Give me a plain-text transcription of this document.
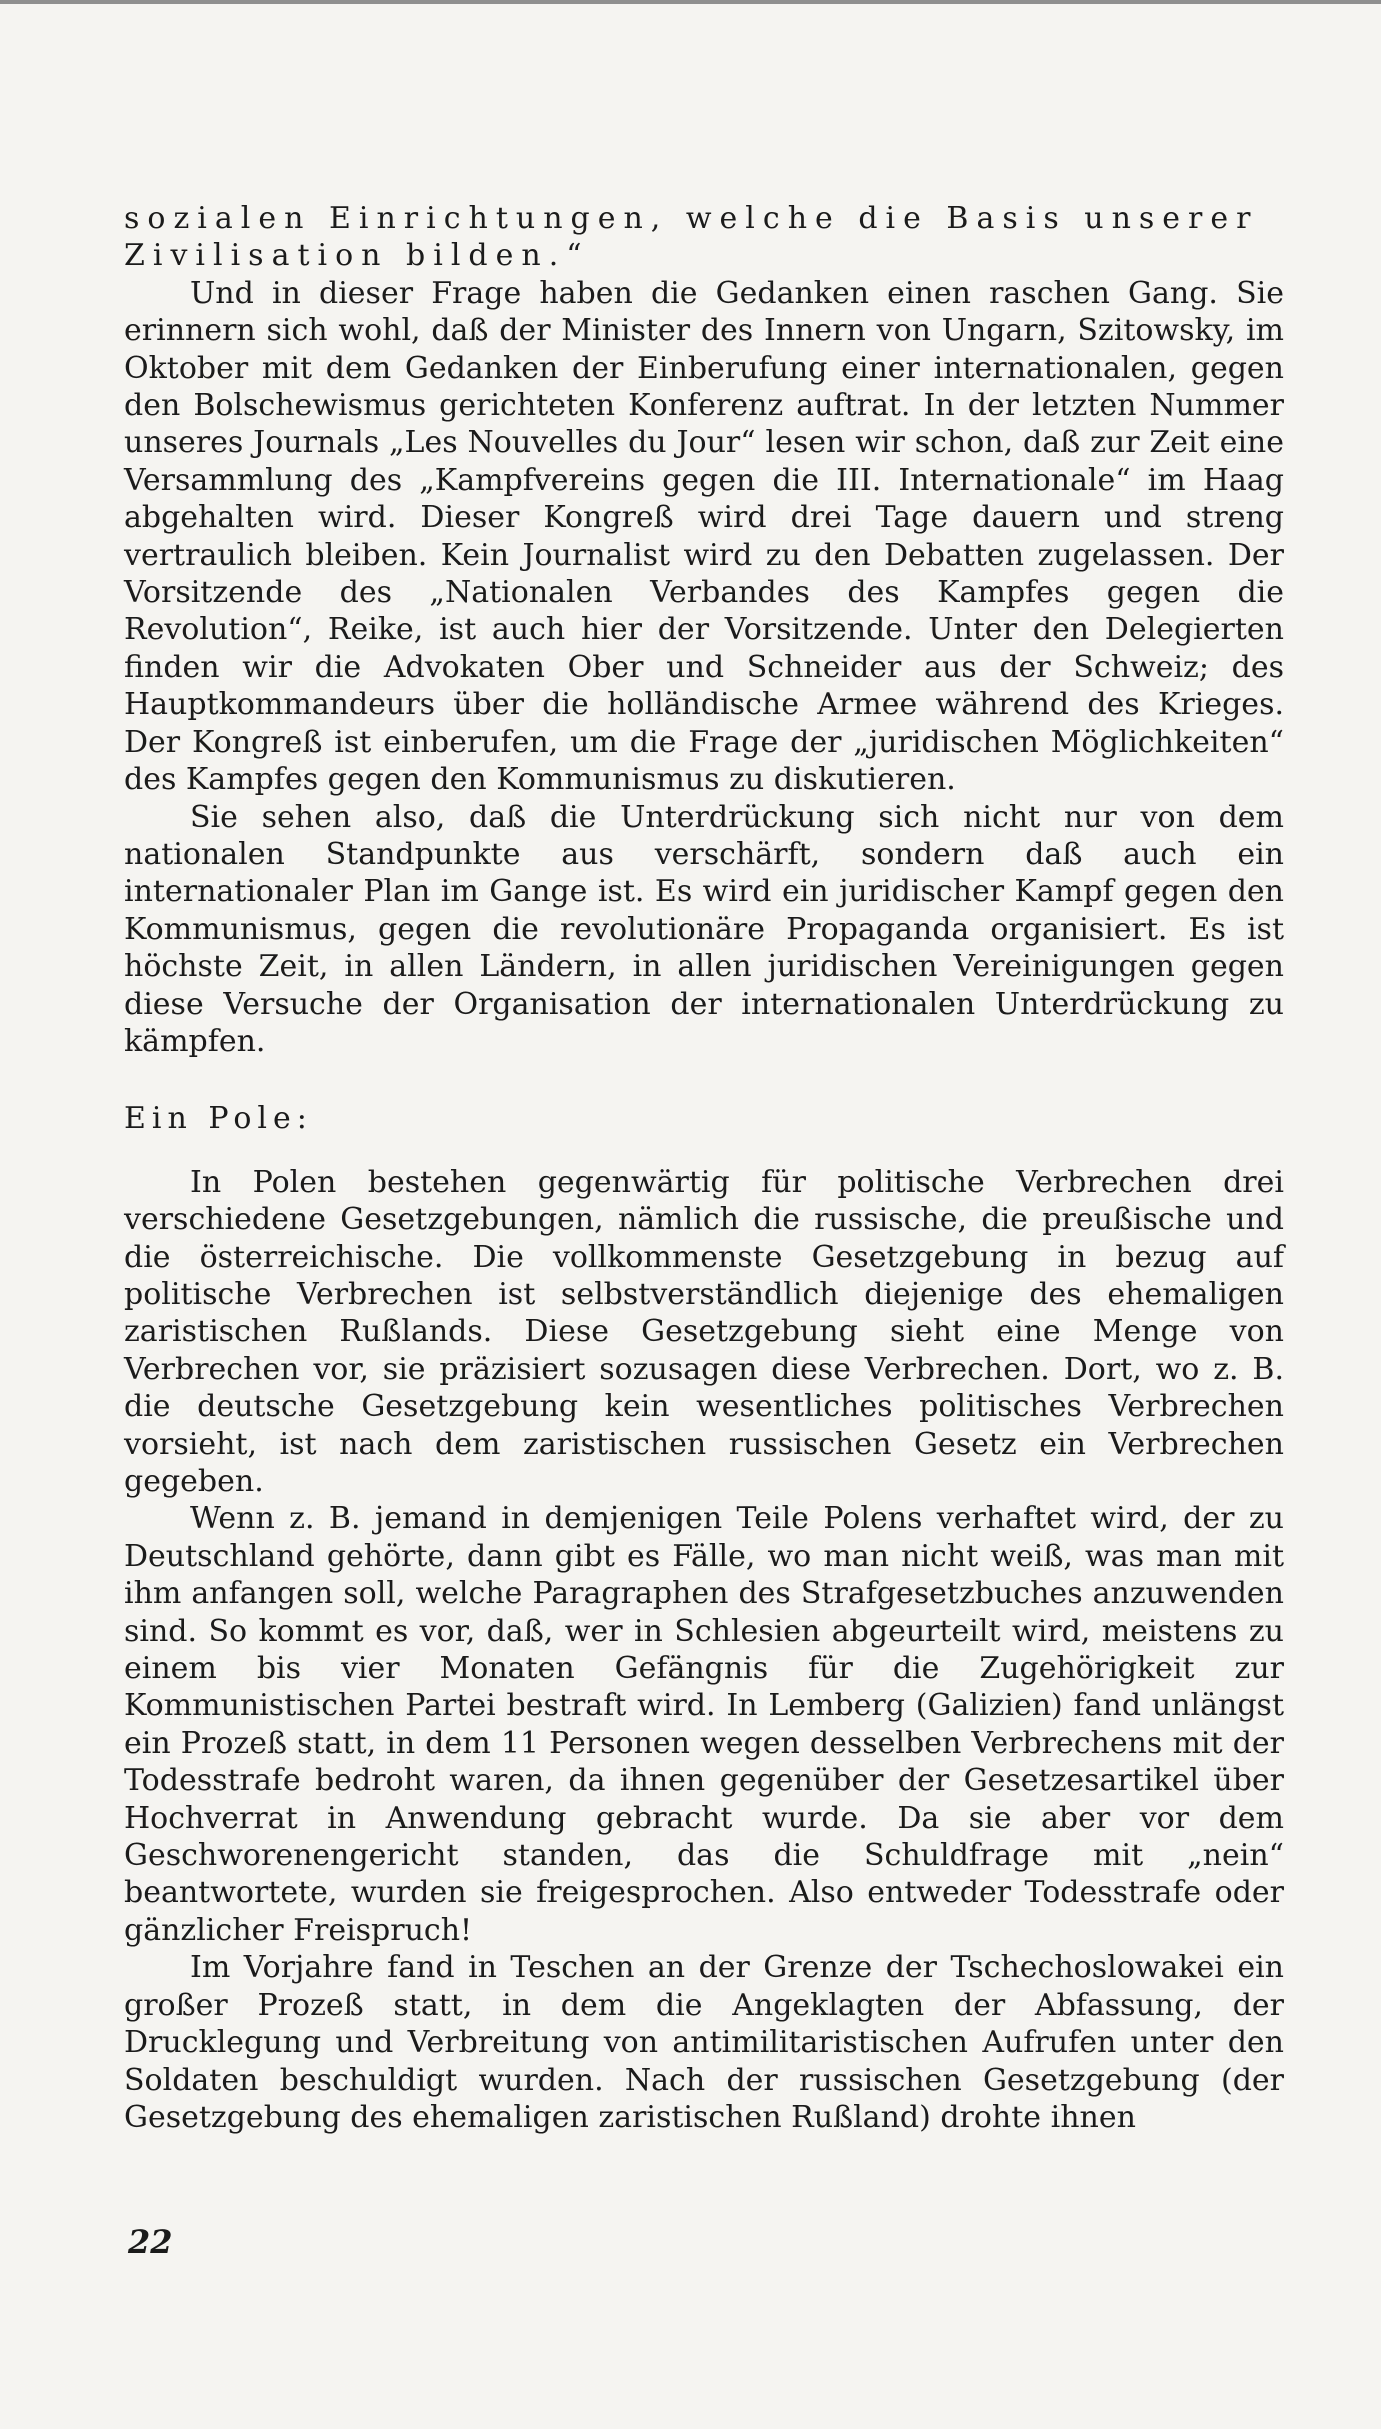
sozialen Einrichtungen, welche die Basis unserer Zivilisation bilden.“

Und in dieser Frage haben die Gedanken einen raschen Gang. Sie erinnern sich wohl, daß der Minister des Innern von Ungarn, Szitowsky, im Oktober mit dem Gedanken der Einberufung einer internationalen, gegen den Bolschewismus gerichteten Konferenz auftrat. In der letzten Nummer unseres Journals „Les Nouvelles du Jour“ lesen wir schon, daß zur Zeit eine Versammlung des „Kampfvereins gegen die III. Internationale“ im Haag abgehalten wird. Dieser Kongreß wird drei Tage dauern und streng vertraulich bleiben. Kein Journalist wird zu den Debatten zugelassen. Der Vorsitzende des „Nationalen Verbandes des Kampfes gegen die Revolution“, Reike, ist auch hier der Vorsitzende. Unter den Delegierten finden wir die Advokaten Ober und Schneider aus der Schweiz; des Hauptkommandeurs über die holländische Armee während des Krieges. Der Kongreß ist einberufen, um die Frage der „juridischen Möglichkeiten“ des Kampfes gegen den Kommunismus zu diskutieren.

Sie sehen also, daß die Unterdrückung sich nicht nur von dem nationalen Standpunkte aus verschärft, sondern daß auch ein internationaler Plan im Gange ist. Es wird ein juridischer Kampf gegen den Kommunismus, gegen die revolutionäre Propaganda organisiert. Es ist höchste Zeit, in allen Ländern, in allen juridischen Vereinigungen gegen diese Versuche der Organisation der internationalen Unterdrückung zu kämpfen.

Ein Pole:

In Polen bestehen gegenwärtig für politische Verbrechen drei verschiedene Gesetzgebungen, nämlich die russische, die preußische und die österreichische. Die vollkommenste Gesetzgebung in bezug auf politische Verbrechen ist selbstverständlich diejenige des ehemaligen zaristischen Rußlands. Diese Gesetzgebung sieht eine Menge von Verbrechen vor, sie präzisiert sozusagen diese Verbrechen. Dort, wo z. B. die deutsche Gesetzgebung kein wesentliches politisches Verbrechen vorsieht, ist nach dem zaristischen russischen Gesetz ein Verbrechen gegeben.

Wenn z. B. jemand in demjenigen Teile Polens verhaftet wird, der zu Deutschland gehörte, dann gibt es Fälle, wo man nicht weiß, was man mit ihm anfangen soll, welche Paragraphen des Strafgesetzbuches anzuwenden sind. So kommt es vor, daß, wer in Schlesien abgeurteilt wird, meistens zu einem bis vier Monaten Gefängnis für die Zugehörigkeit zur Kommunistischen Partei bestraft wird. In Lemberg (Galizien) fand unlängst ein Prozeß statt, in dem 11 Personen wegen desselben Verbrechens mit der Todesstrafe bedroht waren, da ihnen gegenüber der Gesetzesartikel über Hochverrat in Anwendung gebracht wurde. Da sie aber vor dem Geschworenengericht standen, das die Schuldfrage mit „nein“ beantwortete, wurden sie freigesprochen. Also entweder Todesstrafe oder gänzlicher Freispruch!

Im Vorjahre fand in Teschen an der Grenze der Tschechoslowakei ein großer Prozeß statt, in dem die Angeklagten der Abfassung, der Drucklegung und Verbreitung von antimilitaristischen Aufrufen unter den Soldaten beschuldigt wurden. Nach der russischen Gesetzgebung (der Gesetzgebung des ehemaligen zaristischen Rußland) drohte ihnen

22
